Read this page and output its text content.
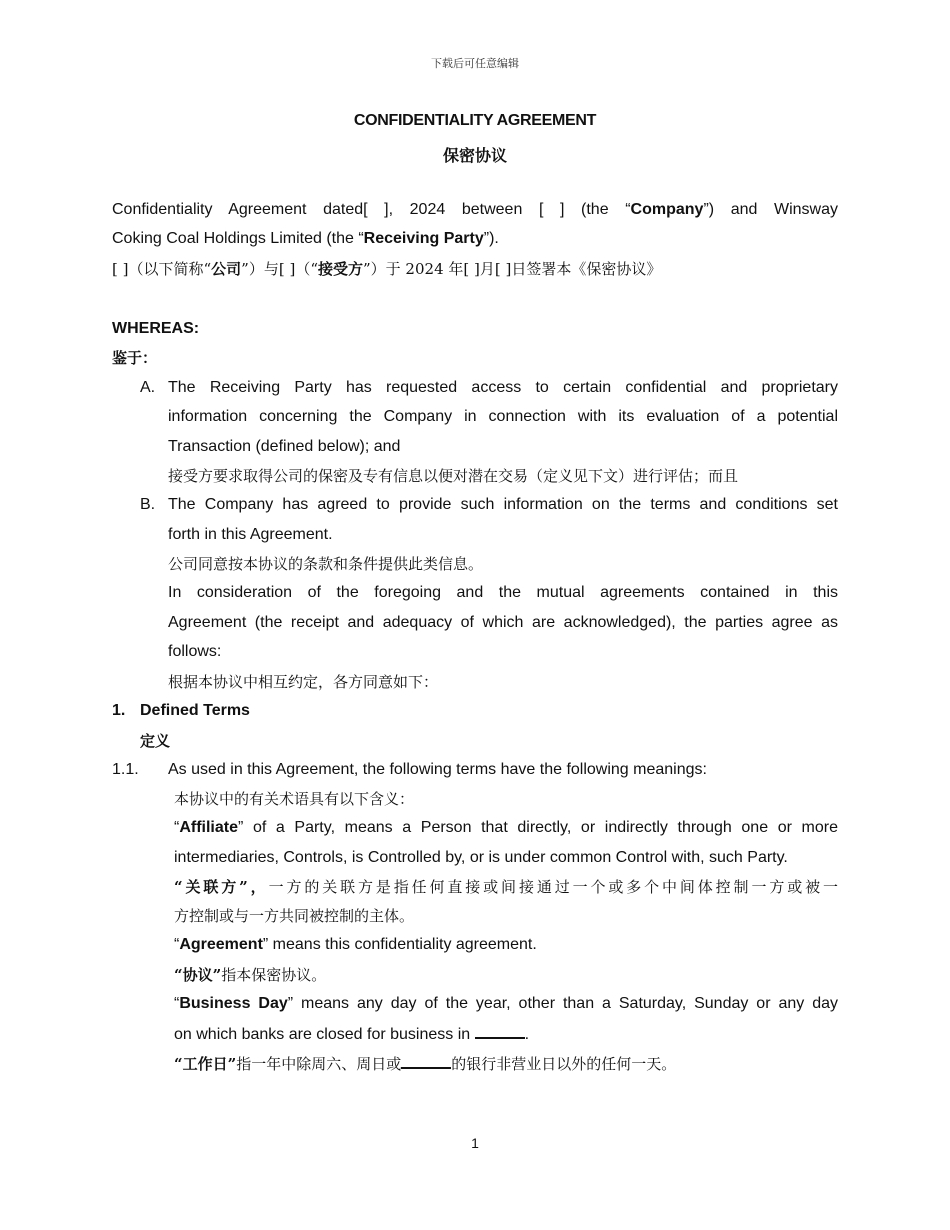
下载后可任意编辑
CONFIDENTIALITY AGREEMENT
保密协议
Confidentiality Agreement dated[ ], 2024 between [ ] (the “Company”) and Winsway
Coking Coal Holdings Limited (the “Receiving Party”).
[ ]（以下简称“公司”）与[ ]（“接受方”）于 2024 年[ ]月[ ]日签署本《保密协议》
WHEREAS:
鉴于：
A. The Receiving Party has requested access to certain confidential and proprietary
information concerning the Company in connection with its evaluation of a potential
Transaction (defined below); and
接受方要求取得公司的保密及专有信息以便对潜在交易（定义见下文）进行评估；而且
B. The Company has agreed to provide such information on the terms and conditions set
forth in this Agreement.
公司同意按本协议的条款和条件提供此类信息。
In consideration of the foregoing and the mutual agreements contained in this
Agreement (the receipt and adequacy of which are acknowledged), the parties agree as
follows:
根据本协议中相互约定，各方同意如下：
1. Defined Terms
定义
1.1. As used in this Agreement, the following terms have the following meanings:
本协议中的有关术语具有以下含义：
“Affiliate” of a Party, means a Person that directly, or indirectly through one or more
intermediaries, Controls, is Controlled by, or is under common Control with, such Party.
“关联方”，一方的关联方是指任何直接或间接通过一个或多个中间体控制一方或被一
方控制或与一方共同被控制的主体。
“Agreement” means this confidentiality agreement.
“协议”指本保密协议。
“Business Day” means any day of the year, other than a Saturday, Sunday or any day
on which banks are closed for business in	.
“工作日”指一年中除周六、周日或	的银行非营业日以外的任何一天。
1
